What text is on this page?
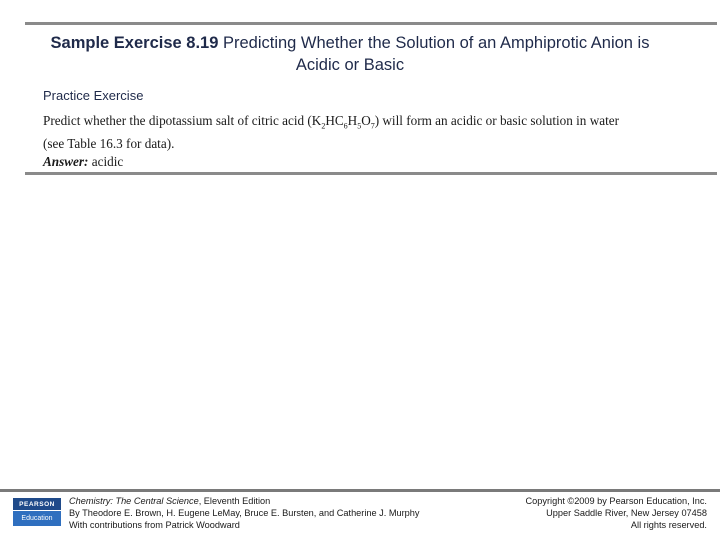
Sample Exercise 8.19 Predicting Whether the Solution of an Amphiprotic Anion is
Acidic or Basic
Practice Exercise
Predict whether the dipotassium salt of citric acid $(K_2HC_6H_5O_7)$ will form an acidic or basic solution in water
(see Table 16.3 for data).
Answer: acidic
PEARSON
Education
Chemistry: The Central Science, Eleventh Edition
By Theodore E. Brown, H. Eugene LeMay, Bruce E. Bursten, and Catherine J. Murphy
With contributions from Patrick Woodward
Copyright ©2009 by Pearson Education, Inc.
Upper Saddle River, New Jersey 07458
All rights reserved.
